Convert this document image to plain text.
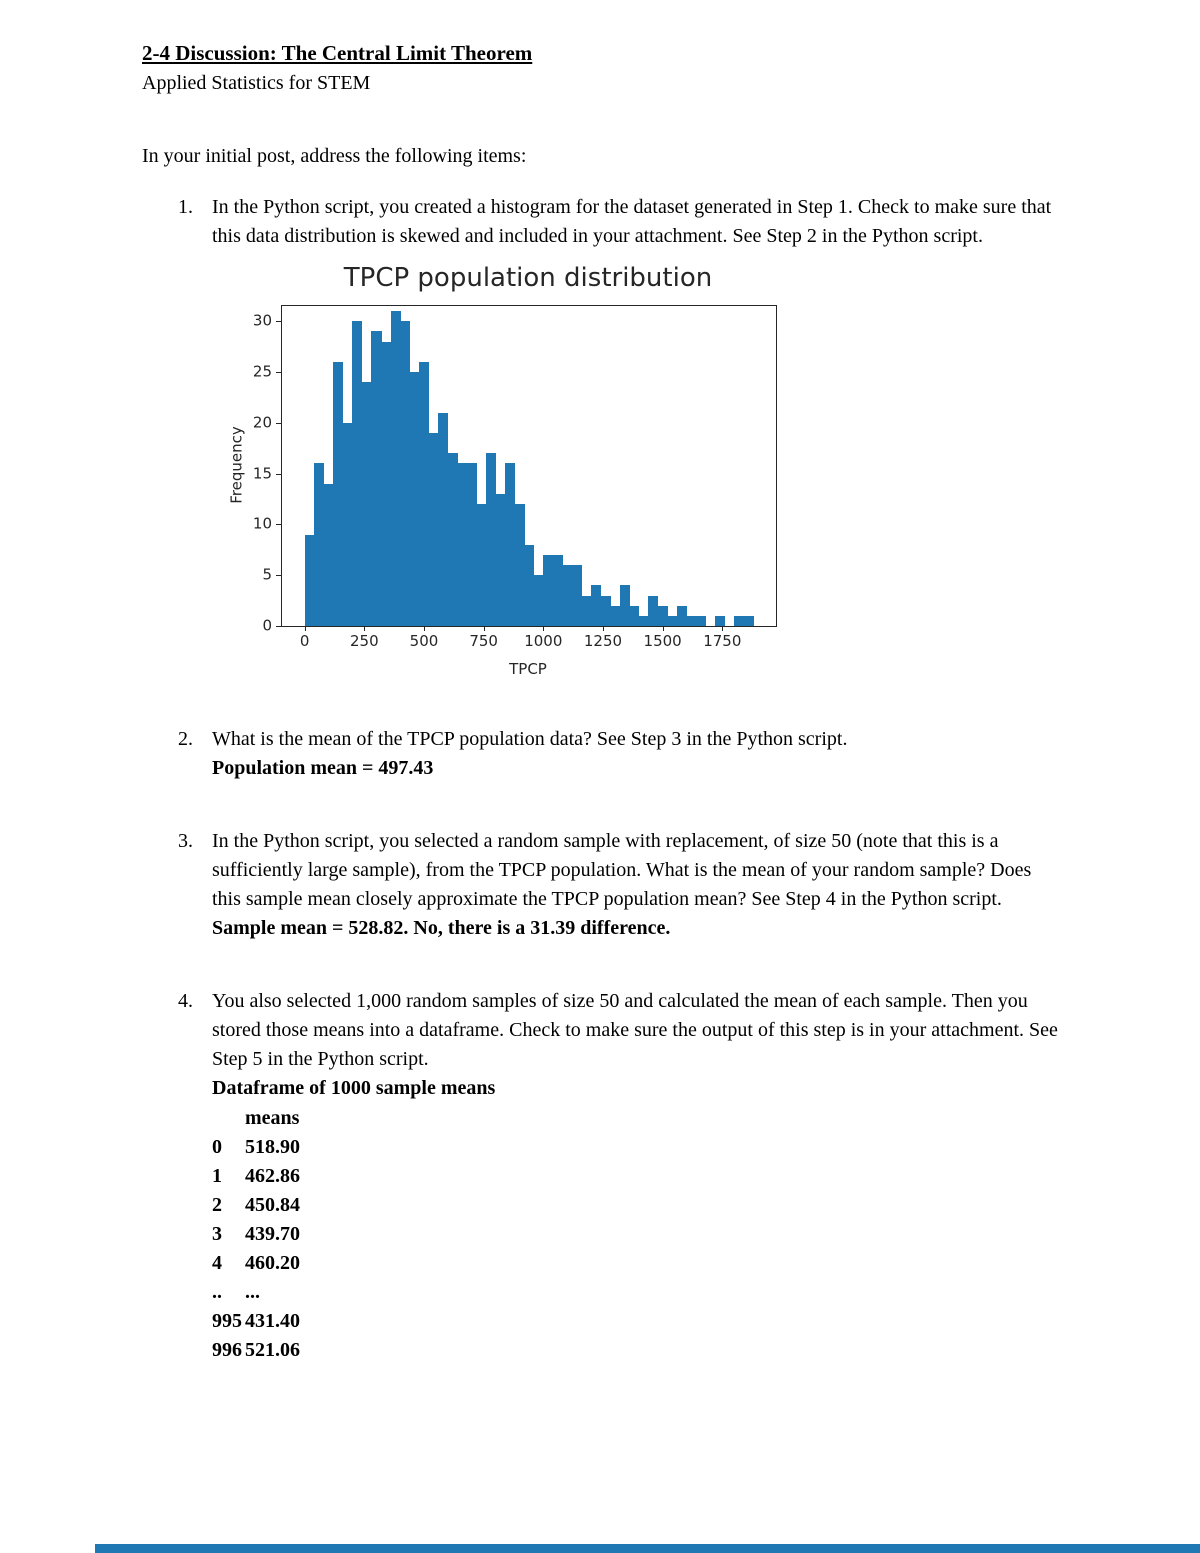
2-4 Discussion: The Central Limit Theorem
Applied Statistics for STEM
In your initial post, address the following items:
1. In the Python script, you created a histogram for the dataset generated in Step 1. Check to make sure that this data distribution is skewed and included in your attachment. See Step 2 in the Python script.
TPCP population distribution
Frequency
0	250 500 750 1000 1250 1500 1750
0
5
10
15
20
25
30
TPCP
2. What is the mean of the TPCP population data? See Step 3 in the Python script.
Population mean = 497.43
3. In the Python script, you selected a random sample with replacement, of size 50 (note that this is a sufficiently large sample), from the TPCP population. What is the mean of your random sample? Does this sample mean closely approximate the TPCP population mean? See Step 4 in the Python script.
Sample mean = 528.82. No, there is a 31.39 difference.
4. You also selected 1,000 random samples of size 50 and calculated the mean of each sample. Then you stored those means into a dataframe. Check to make sure the output of this step is in your attachment. See Step 5 in the Python script.
Dataframe of 1000 sample means
means
0	518.90
1	462.86
2	450.84
3	439.70
4	460.20
..	...
995 431.40
996 521.06
